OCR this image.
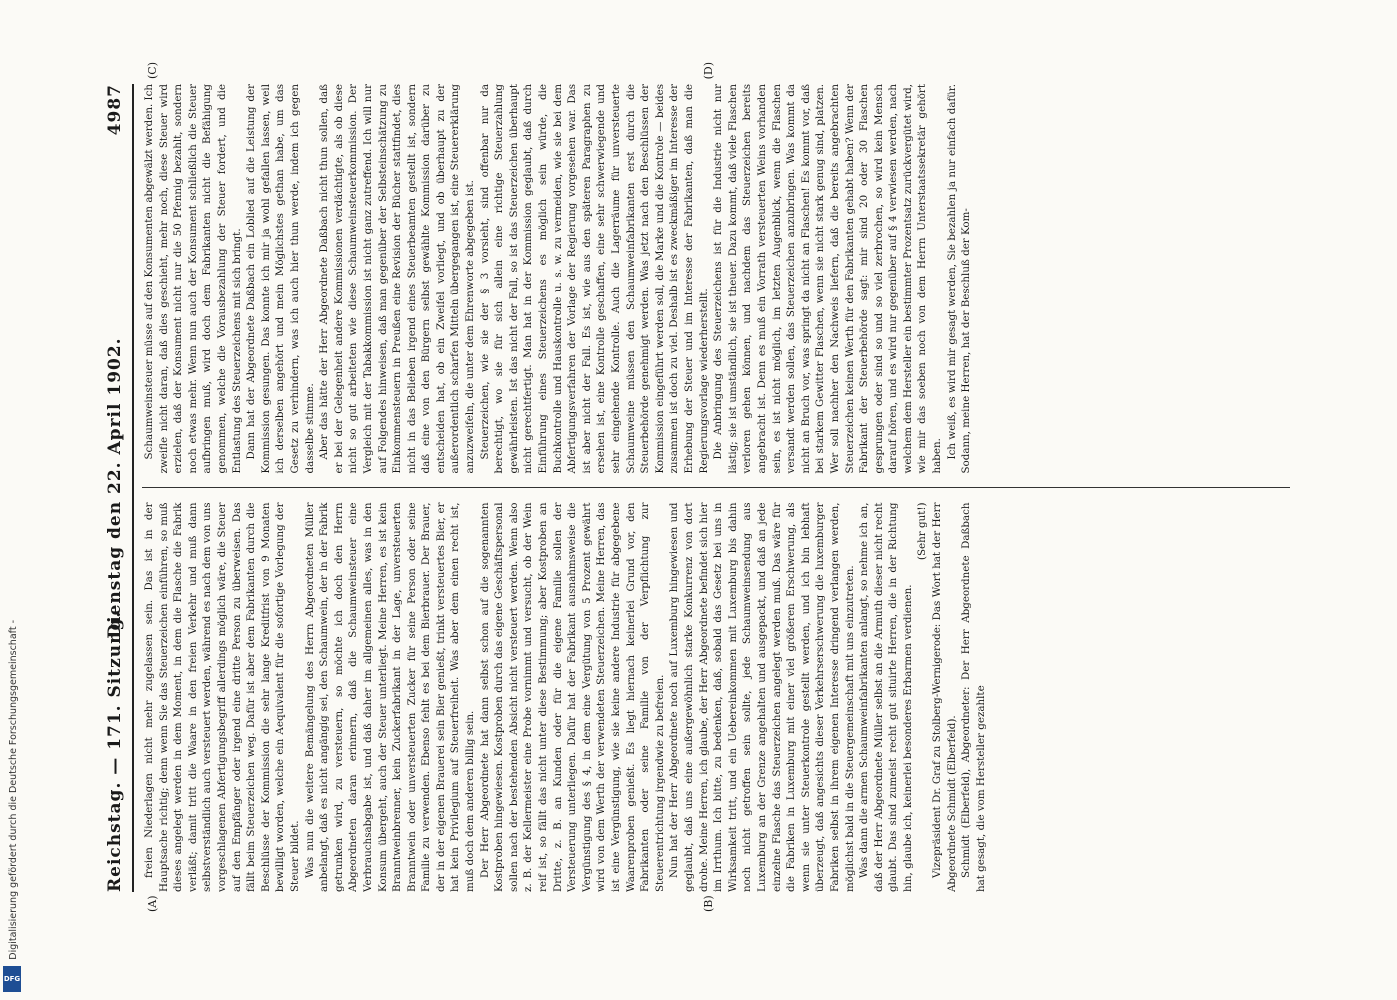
Reichstag. — 171. Sitzung.
Dienstag den 22. April 1902.
4987

freien Niederlagen nicht mehr zugelassen sein. Das ist in der Hauptsache richtig; denn wenn Sie das Steuerzeichen einführen, so muß dieses angelegt werden in dem Moment, in dem die Flasche die Fabrik verläßt; damit tritt die Waare in den freien Verkehr und muß dann selbstverständlich auch versteuert werden, während es nach dem von uns vorgeschlagenen Abfertigungsbegriff allerdings möglich wäre, die Steuer auf den Empfänger oder irgend eine dritte Person zu überweisen. Das fällt beim Steuerzeichen weg. Dafür ist aber dem Fabrikanten durch die Beschlüsse der Kommission die sehr lange Kreditfrist von 9 Monaten bewilligt worden, welche ein Aequivalent für die sofortige Vorlegung der Steuer bildet. Was nun die weitere Bemängelung des Herrn Abgeordneten Müller anbelangt, daß es nicht angängig sei, den Schaumwein, der in der Fabrik getrunken wird, zu versteuern, so möchte ich doch den Herrn Abgeordneten daran erinnern, daß die Schaumweinsteuer eine Verbrauchsabgabe ist, und daß daher im allgemeinen alles, was in den Konsum übergeht, auch der Steuer unterliegt. Meine Herren, es ist kein Branntweinbrenner, kein Zuckerfabrikant in der Lage, unversteuerten Branntwein oder unversteuerten Zucker für seine Person oder seine Familie zu verwenden. Ebenso fehlt es bei dem Bierbrauer. Der Brauer, der in der eigenen Brauerei sein Bier genießt, trinkt versteuertes Bier, er hat kein Privilegium auf Steuerfreiheit. Was aber dem einen recht ist, muß doch dem anderen billig sein. Der Herr Abgeordnete hat dann selbst schon auf die sogenannten Kostproben hingewiesen. Kostproben durch das eigene Geschäftspersonal sollen nach der bestehenden Absicht nicht versteuert werden. Wenn also z. B. der Kellermeister eine Probe vornimmt und versucht, ob der Wein reif ist, so fällt das nicht unter diese Bestimmung; aber Kostproben an Dritte, z. B. an Kunden oder für die eigene Familie sollen der Versteuerung unterliegen. Dafür hat der Fabrikant ausnahmsweise die Vergünstigung des § 4, in dem eine Vergütung von 5 Prozent gewährt wird von dem Werth der verwendeten Steuerzeichen. Meine Herren, das ist eine Vergünstigung, wie sie keine andere Industrie für abgegebene Waarenproben genießt. Es liegt hiernach keinerlei Grund vor, den Fabrikanten oder seine Familie von der Verpflichtung zur Steuerentrichtung irgendwie zu befreien. Nun hat der Herr Abgeordnete noch auf Luxemburg hingewiesen und geglaubt, daß uns eine außergewöhnlich starke Konkurrenz von dort drohe. Meine Herren, ich glaube, der Herr Abgeordnete befindet sich hier im Irrthum. Ich bitte, zu bedenken, daß, sobald das Gesetz bei uns in Wirksamkeit tritt, und ein Uebereinkommen mit Luxemburg bis dahin noch nicht getroffen sein sollte, jede Schaumweinsendung aus Luxemburg an der Grenze angehalten und ausgepackt, und daß an jede einzelne Flasche das Steuerzeichen angelegt werden muß. Das wäre für die Fabriken in Luxemburg mit einer viel größeren Erschwerung, als wenn sie unter Steuerkontrole gestellt werden, und ich bin lebhaft überzeugt, daß angesichts dieser Verkehrserschwerung die luxemburger Fabriken selbst in ihrem eigenen Interesse dringend verlangen werden, möglichst bald in die Steuergemeinschaft mit uns einzutreten. Was dann die armen Schaumweinfabrikanten anlangt, so nehme ich an, daß der Herr Abgeordnete Müller selbst an die Armuth dieser nicht recht glaubt. Das sind zumeist recht gut situirte Herren, die in der Richtung hin, glaube ich, keinerlei besonderes Erbarmen verdienen.

(Sehr gut!) Vizepräsident Dr. Graf zu Stolberg-Wernigerode: Das Wort hat der Herr Abgeordnete Schmidt (Elberfeld). Schmidt (Elberfeld), Abgeordneter: Der Herr Abgeordnete Daßbach hat gesagt, die vom Hersteller gezahlte

Schaumweinsteuer müsse auf den Konsumenten abgewälzt werden. Ich zweifle nicht daran, daß dies geschieht, mehr noch, diese Steuer wird erzielen, daß der Konsument nicht nur die 50 Pfennig bezahlt, sondern noch etwas mehr. Wenn nun auch der Konsument schließlich die Steuer aufbringen muß, wird doch dem Fabrikanten nicht die Befähigung genommen, welche die Vorausbezahlung der Steuer fordert, und die Entlastung des Steuerzeichens mit sich bringt. Dann hat der Abgeordnete Daßbach ein Loblied auf die Leistung der Kommission gesungen. Das konnte ich mir ja wohl gefallen lassen, weil ich derselben angehört und mein Möglichstes gethan habe, um das Gesetz zu verhindern, was ich auch hier thun werde, indem ich gegen dasselbe stimme. Aber das hätte der Herr Abgeordnete Daßbach nicht thun sollen, daß er bei der Gelegenheit andere Kommissionen verdächtigte, als ob diese nicht so gut arbeiteten wie diese Schaumweinsteuerkommission. Der Vergleich mit der Tabakkommission ist nicht ganz zutreffend. Ich will nur auf Folgendes hinweisen, daß man gegenüber der Selbsteinschätzung zu Einkommensteuern in Preußen eine Revision der Bücher stattfindet, dies nicht in das Belieben irgend eines Steuerbeamten gestellt ist, sondern daß eine von den Bürgern selbst gewählte Kommission darüber zu entscheiden hat, ob ein Zweifel vorliegt, und ob überhaupt zu der außerordentlich scharfen Mitteln übergegangen ist, eine Steuererklärung anzuzweifeln, die unter dem Ehrenworte abgegeben ist. Steuerzeichen, wie sie der § 3 vorsieht, sind offenbar nur da berechtigt, wo sie für sich allein eine richtige Steuerzahlung gewährleisten. Ist das nicht der Fall, so ist das Steuerzeichen überhaupt nicht gerechtfertigt. Man hat in der Kommission geglaubt, daß durch Einführung eines Steuerzeichens es möglich sein würde, die Buchkontrolle und Hauskontrolle u. s. w. zu vermeiden, wie sie bei dem Abfertigungsverfahren der Vorlage der Regierung vorgesehen war. Das ist aber nicht der Fall. Es ist, wie aus den späteren Paragraphen zu ersehen ist, eine Kontrolle geschaffen, eine sehr schwerwiegende und sehr eingehende Kontrolle. Auch die Lagerräume für unversteuerte Schaumweine müssen den Schaumweinfabrikanten erst durch die Steuerbehörde genehmigt werden. Was jetzt nach den Beschlüssen der Kommission eingeführt werden soll, die Marke und die Kontrole — beides zusammen ist doch zu viel. Deshalb ist es zweckmäßiger im Interesse der Erhebung der Steuer und im Interesse der Fabrikanten, daß man die Regierungsvorlage wiederherstellt. Die Anbringung des Steuerzeichens ist für die Industrie nicht nur lästig; sie ist umständlich, sie ist theuer. Dazu kommt, daß viele Flaschen verloren gehen können, und nachdem das Steuerzeichen bereits angebracht ist. Denn es muß ein Vorrath versteuerten Weins vorhanden sein, es ist nicht möglich, im letzten Augenblick, wenn die Flaschen versandt werden sollen, das Steuerzeichen anzubringen. Was kommt da nicht an Bruch vor, was springt da nicht an Flaschen! Es kommt vor, daß bei starkem Gewitter Flaschen, wenn sie nicht stark genug sind, platzen. Wer soll nachher den Nachweis liefern, daß die bereits angebrachten Steuerzeichen keinen Werth für den Fabrikanten gehabt haben? Wenn der Fabrikant der Steuerbehörde sagt: mir sind 20 oder 30 Flaschen gesprungen oder sind so und so viel zerbrochen, so wird kein Mensch darauf hören, und es wird nur gegenüber auf § 4 verwiesen werden, nach welchem dem Hersteller ein bestimmter Prozentsatz zurückvergütet wird, wie mir das soeben noch von dem Herrn Unterstaatssekretär gehört haben. Ich weiß, es wird mir gesagt werden, Sie bezahlen ja nur einfach dafür. Sodann, meine Herren, hat der Beschluß der Kom-

(A)	(B)
(C)	(D)
DFG
Digitalisierung gefördert durch die Deutsche Forschungsgemeinschaft -
